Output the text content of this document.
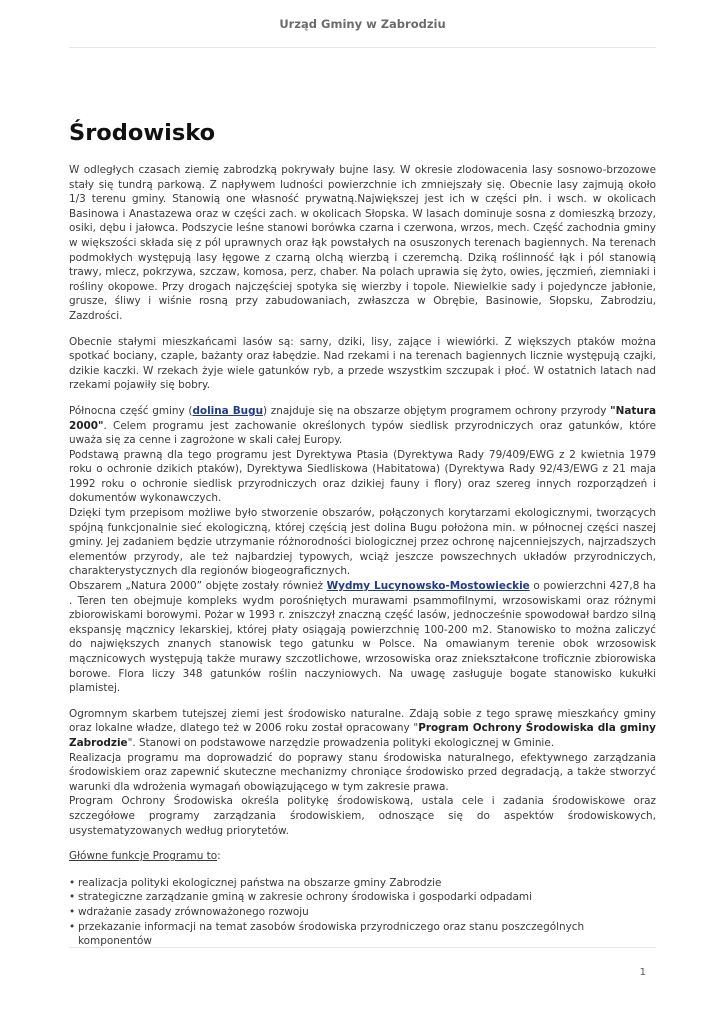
Urząd Gminy w Zabrodziu
Środowisko

W odległych czasach ziemię zabrodzką pokrywały bujne lasy. W okresie zlodowacenia lasy sosnowo-brzozowe stały się tundrą parkową. Z napływem ludności powierzchnie ich zmniejszały się. Obecnie lasy zajmują około 1/3 terenu gminy. Stanowią one własność prywatną.Największej jest ich w części płn. i wsch. w okolicach Basinowa i Anastazewa oraz w części zach. w okolicach Słopska. W lasach dominuje sosna z domieszką brzozy, osiki, dębu i jałowca. Podszycie leśne stanowi borówka czarna i czerwona, wrzos, mech. Część zachodnia gminy w większości składa się z pól uprawnych oraz łąk powstałych na osuszonych terenach bagiennych. Na terenach podmokłych występują lasy łęgowe z czarną olchą wierzbą i czeremchą. Dziką roślinność łąk i pól stanowią trawy, mlecz, pokrzywa, szczaw, komosa, perz, chaber. Na polach uprawia się żyto, owies, jęczmień, ziemniaki i rośliny okopowe. Przy drogach najczęściej spotyka się wierzby i topole. Niewielkie sady i pojedyncze jabłonie, grusze, śliwy i wiśnie rosną przy zabudowaniach, zwłaszcza w Obrębie, Basinowie, Słopsku, Zabrodziu, Zazdrości.

Obecnie stałymi mieszkańcami lasów są: sarny, dziki, lisy, zające i wiewiórki. Z większych ptaków można spotkać bociany, czaple, bażanty oraz łabędzie. Nad rzekami i na terenach bagiennych licznie występują czajki, dzikie kaczki. W rzekach żyje wiele gatunków ryb, a przede wszystkim szczupak i płoć. W ostatnich latach nad rzekami pojawiły się bobry.

Północna część gminy (dolina Bugu) znajduje się na obszarze objętym programem ochrony przyrody "Natura 2000". Celem programu jest zachowanie określonych typów siedlisk przyrodniczych oraz gatunków, które uważa się za cenne i zagrożone w skali całej Europy.

Podstawą prawną dla tego programu jest Dyrektywa Ptasia (Dyrektywa Rady 79/409/EWG z 2 kwietnia 1979 roku o ochronie dzikich ptaków), Dyrektywa Siedliskowa (Habitatowa) (Dyrektywa Rady 92/43/EWG z 21 maja 1992 roku o ochronie siedlisk przyrodniczych oraz dzikiej fauny i flory) oraz szereg innych rozporządzeń i dokumentów wykonawczych.

Dzięki tym przepisom możliwe było stworzenie obszarów, połączonych korytarzami ekologicznymi, tworzących spójną funkcjonalnie sieć ekologiczną, której częścią jest dolina Bugu położona min. w północnej części naszej gminy. Jej zadaniem będzie utrzymanie różnorodności biologicznej przez ochronę najcenniejszych, najrzadszych elementów przyrody, ale też najbardziej typowych, wciąż jeszcze powszechnych układów przyrodniczych, charakterystycznych dla regionów biogeograficznych.

Obszarem „Natura 2000” objęte zostały również Wydmy Lucynowsko-Mostowieckie o powierzchni 427,8 ha . Teren ten obejmuje kompleks wydm porośniętych murawami psammofilnymi, wrzosowiskami oraz różnymi zbiorowiskami borowymi. Pożar w 1993 r. zniszczył znaczną część lasów, jednocześnie spowodował bardzo silną ekspansję mącznicy lekarskiej, której płaty osiągają powierzchnię 100-200 m2. Stanowisko to można zaliczyć do największych znanych stanowisk tego gatunku w Polsce. Na omawianym terenie obok wrzosowisk mącznicowych występują także murawy szczotlichowe, wrzosowiska oraz zniekształcone troficznie zbiorowiska borowe. Flora liczy 348 gatunków roślin naczyniowych. Na uwagę zasługuje bogate stanowisko kukułki plamistej.

Ogromnym skarbem tutejszej ziemi jest środowisko naturalne. Zdają sobie z tego sprawę mieszkańcy gminy oraz lokalne władze, dlatego też w 2006 roku został opracowany "Program Ochrony Środowiska dla gminy Zabrodzie". Stanowi on podstawowe narzędzie prowadzenia polityki ekologicznej w Gminie.

Realizacja programu ma doprowadzić do poprawy stanu środowiska naturalnego, efektywnego zarządzania środowiskiem oraz zapewnić skuteczne mechanizmy chroniące środowisko przed degradacją, a także stworzyć warunki dla wdrożenia wymagań obowiązującego w tym zakresie prawa.

Program Ochrony Środowiska określa politykę środowiskową, ustala cele i zadania środowiskowe oraz szczegółowe programy zarządzania środowiskiem, odnoszące się do aspektów środowiskowych, usystematyzowanych według priorytetów.

Główne funkcje Programu to:

• realizacja polityki ekologicznej państwa na obszarze gminy Zabrodzie
• strategiczne zarządzanie gminą w zakresie ochrony środowiska i gospodarki odpadami
• wdrażanie zasady zrównoważonego rozwoju
• przekazanie informacji na temat zasobów środowiska przyrodniczego oraz stanu poszczególnych komponentów
1
